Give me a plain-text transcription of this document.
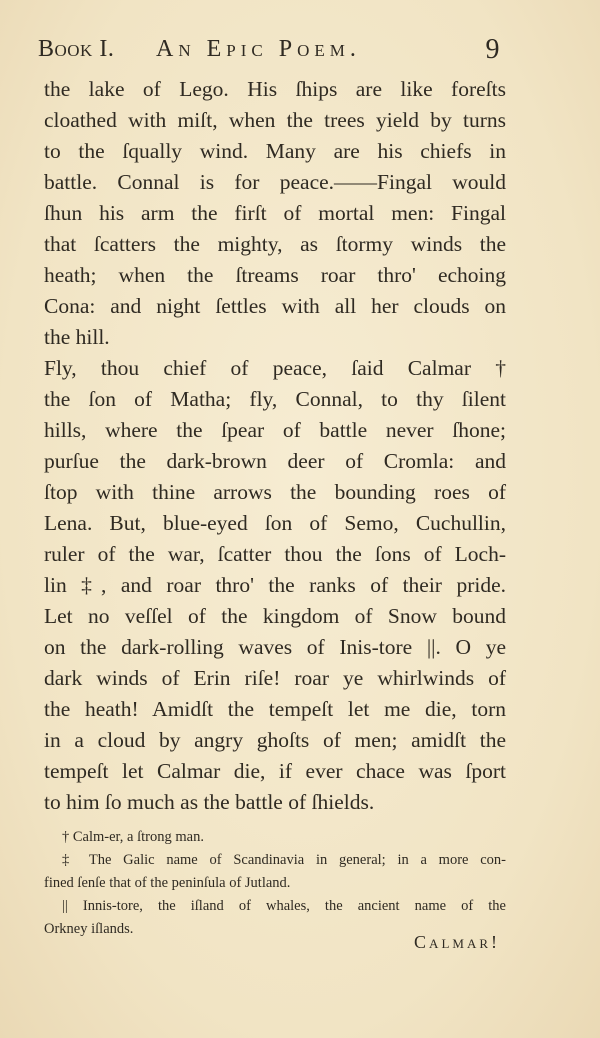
Book I. An Epic Poem.	9
the lake of Lego. His ſhips are like foreſts
cloathed with miſt, when the trees yield by turns
to the ſqually wind. Many are his chiefs in
battle. Connal is for peace.——Fingal would
ſhun his arm the firſt of mortal men: Fingal
that ſcatters the mighty, as ſtormy winds the
heath; when the ſtreams roar thro' echoing
Cona: and night ſettles with all her clouds on
the hill.
Fly, thou chief of peace, ſaid Calmar †
the ſon of Matha; fly, Connal, to thy ſilent
hills, where the ſpear of battle never ſhone;
purſue the dark-brown deer of Cromla: and
ſtop with thine arrows the bounding roes of
Lena. But, blue-eyed ſon of Semo, Cuchullin,
ruler of the war, ſcatter thou the ſons of Loch-
lin ‡, and roar thro' the ranks of their pride.
Let no veſſel of the kingdom of Snow bound
on the dark-rolling waves of Inis-tore ||. O ye
dark winds of Erin riſe! roar ye whirlwinds of
the heath! Amidſt the tempeſt let me die, torn
in a cloud by angry ghoſts of men; amidſt the
tempeſt let Calmar die, if ever chace was ſport
to him ſo much as the battle of ſhields.
† Calm-er, a ſtrong man.
‡ The Galic name of Scandinavia in general; in a more con-
fined ſenſe that of the peninſula of Jutland.
|| Innis-tore, the iſland of whales, the ancient name of the
Orkney iſlands.
Calmar!
